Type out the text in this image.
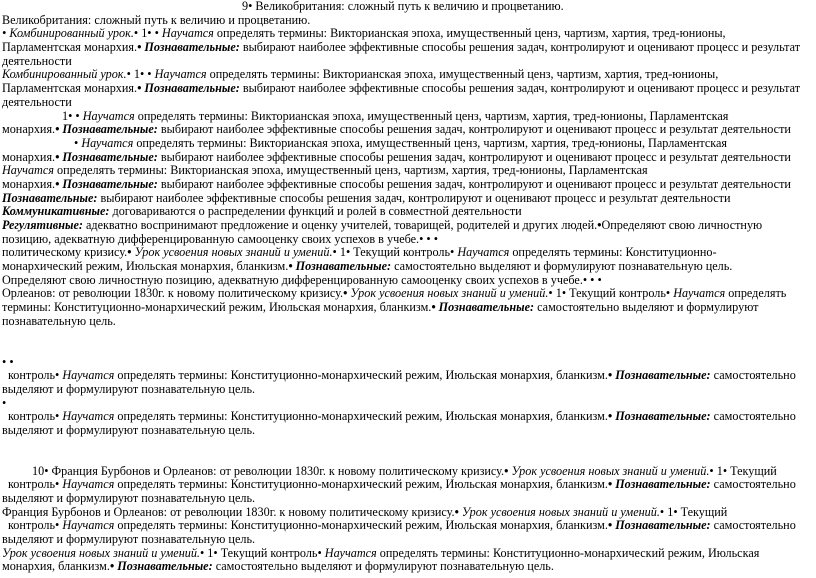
9• Великобритания: сложный путь к величию и процветанию.
Великобритания: сложный путь к величию и процветанию.
• Комбинированный урок.• 1• • Научатся определять термины: Викторианская эпоха, имущественный ценз, чартизм, хартия, тред-юнионы,
Парламентская монархия.• Познавательные: выбирают наиболее эффективные способы решения задач, контролируют и оценивают процесс и результат
деятельности
Комбинированный урок.• 1• • Научатся определять термины: Викторианская эпоха, имущественный ценз, чартизм, хартия, тред-юнионы,
Парламентская монархия.• Познавательные: выбирают наиболее эффективные способы решения задач, контролируют и оценивают процесс и результат
деятельности
1• • Научатся определять термины: Викторианская эпоха, имущественный ценз, чартизм, хартия, тред-юнионы, Парламентская
монархия.• Познавательные: выбирают наиболее эффективные способы решения задач, контролируют и оценивают процесс и результат деятельности
• Научатся определять термины: Викторианская эпоха, имущественный ценз, чартизм, хартия, тред-юнионы, Парламентская
монархия.• Познавательные: выбирают наиболее эффективные способы решения задач, контролируют и оценивают процесс и результат деятельности
Научатся определять термины: Викторианская эпоха, имущественный ценз, чартизм, хартия, тред-юнионы, Парламентская
монархия.• Познавательные: выбирают наиболее эффективные способы решения задач, контролируют и оценивают процесс и результат деятельности
Познавательные: выбирают наиболее эффективные способы решения задач, контролируют и оценивают процесс и результат деятельности
Коммуникативные: договариваются о распределении функций и ролей в совместной деятельности
Регулятивные: адекватно воспринимают предложение и оценку учителей, товарищей, родителей и других людей.•Определяют свою личностную
позицию, адекватную дифференцированную самооценку своих успехов в учебе.• • •
политическому кризису.• Урок усвоения новых знаний и умений.• 1• Текущий контроль• Научатся определять термины: Конституционно-
монархический режим, Июльская монархия, бланкизм.• Познавательные: самостоятельно выделяют и формулируют познавательную цель.
Определяют свою личностную позицию, адекватную дифференцированную самооценку своих успехов в учебе.• • •
Орлеанов: от революции 1830г. к новому политическому кризису.• Урок усвоения новых знаний и умений.• 1• Текущий контроль• Научатся определять
термины: Конституционно-монархический режим, Июльская монархия, бланкизм.• Познавательные: самостоятельно выделяют и формулируют
познавательную цель.
• •
контроль• Научатся определять термины: Конституционно-монархический режим, Июльская монархия, бланкизм.• Познавательные: самостоятельно
выделяют и формулируют познавательную цель.
•
контроль• Научатся определять термины: Конституционно-монархический режим, Июльская монархия, бланкизм.• Познавательные: самостоятельно
выделяют и формулируют познавательную цель.
10• Франция Бурбонов и Орлеанов: от революции 1830г. к новому политическому кризису.• Урок усвоения новых знаний и умений.• 1• Текущий
контроль• Научатся определять термины: Конституционно-монархический режим, Июльская монархия, бланкизм.• Познавательные: самостоятельно
выделяют и формулируют познавательную цель.
Франция Бурбонов и Орлеанов: от революции 1830г. к новому политическому кризису.• Урок усвоения новых знаний и умений.• 1• Текущий
контроль• Научатся определять термины: Конституционно-монархический режим, Июльская монархия, бланкизм.• Познавательные: самостоятельно
выделяют и формулируют познавательную цель.
Урок усвоения новых знаний и умений.• 1• Текущий контроль• Научатся определять термины: Конституционно-монархический режим, Июльская
монархия, бланкизм.• Познавательные: самостоятельно выделяют и формулируют познавательную цель.
